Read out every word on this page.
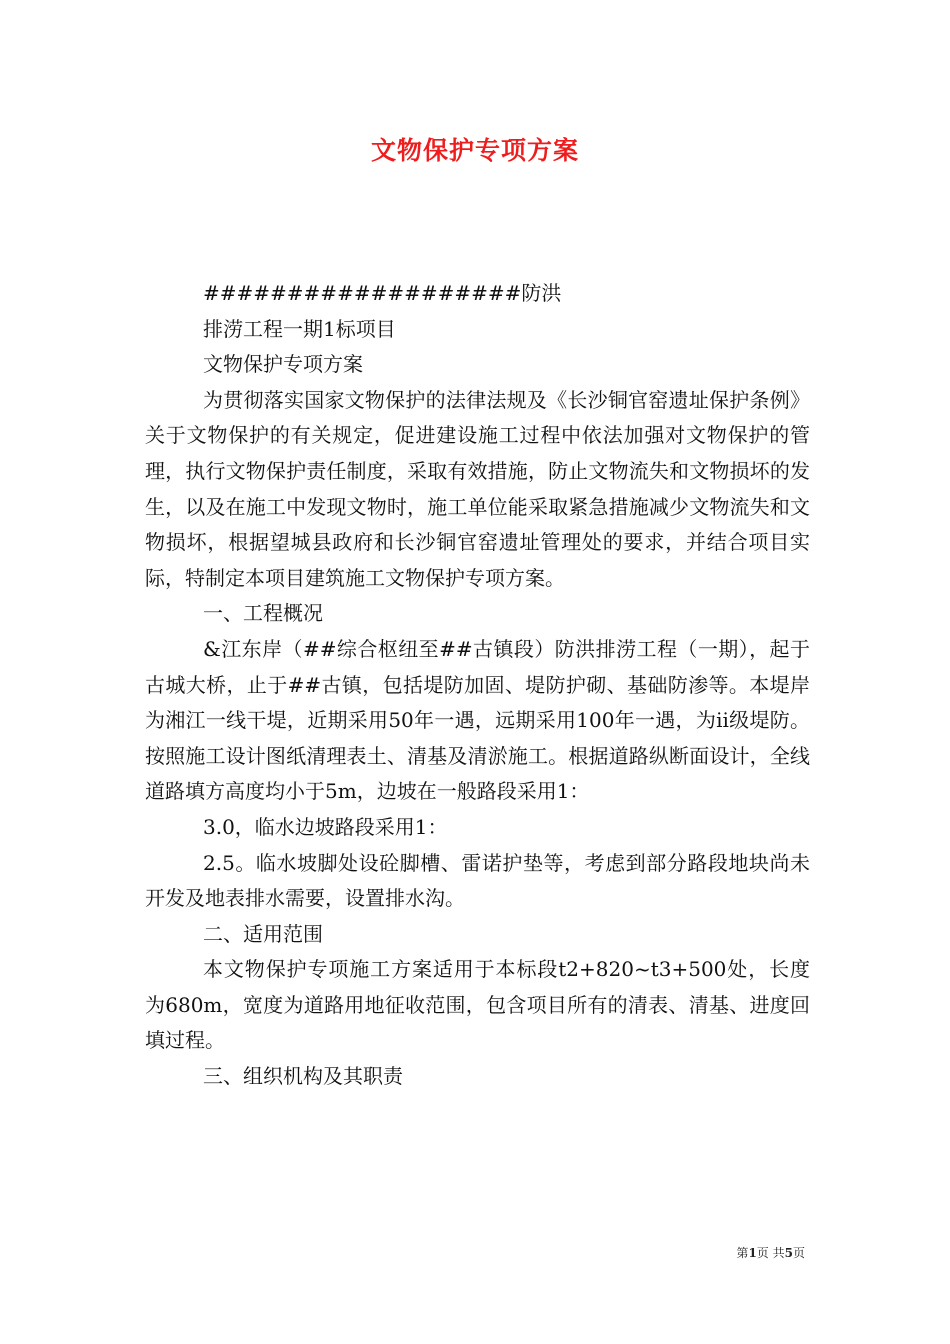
文物保护专项方案

###################防洪

排涝工程一期1标项目

文物保护专项方案

为贯彻落实国家文物保护的法律法规及《长沙铜官窑遗址保护条例》关于文物保护的有关规定，促进建设施工过程中依法加强对文物保护的管理，执行文物保护责任制度，采取有效措施，防止文物流失和文物损坏的发生，以及在施工中发现文物时，施工单位能采取紧急措施减少文物流失和文物损坏，根据望城县政府和长沙铜官窑遗址管理处的要求，并结合项目实际，特制定本项目建筑施工文物保护专项方案。

一、工程概况

&江东岸（##综合枢纽至##古镇段）防洪排涝工程（一期），起于古城大桥，止于##古镇，包括堤防加固、堤防护砌、基础防渗等。本堤岸为湘江一线干堤，近期采用50年一遇，远期采用100年一遇，为ii级堤防。按照施工设计图纸清理表土、清基及清淤施工。根据道路纵断面设计，全线道路填方高度均小于5m，边坡在一般路段采用1：

3.0，临水边坡路段采用1：

2.5。临水坡脚处设砼脚槽、雷诺护垫等，考虑到部分路段地块尚未开发及地表排水需要，设置排水沟。

二、适用范围

本文物保护专项施工方案适用于本标段t2+820~t3+500处，长度为680m，宽度为道路用地征收范围，包含项目所有的清表、清基、进度回填过程。

三、组织机构及其职责

第1页 共5页
